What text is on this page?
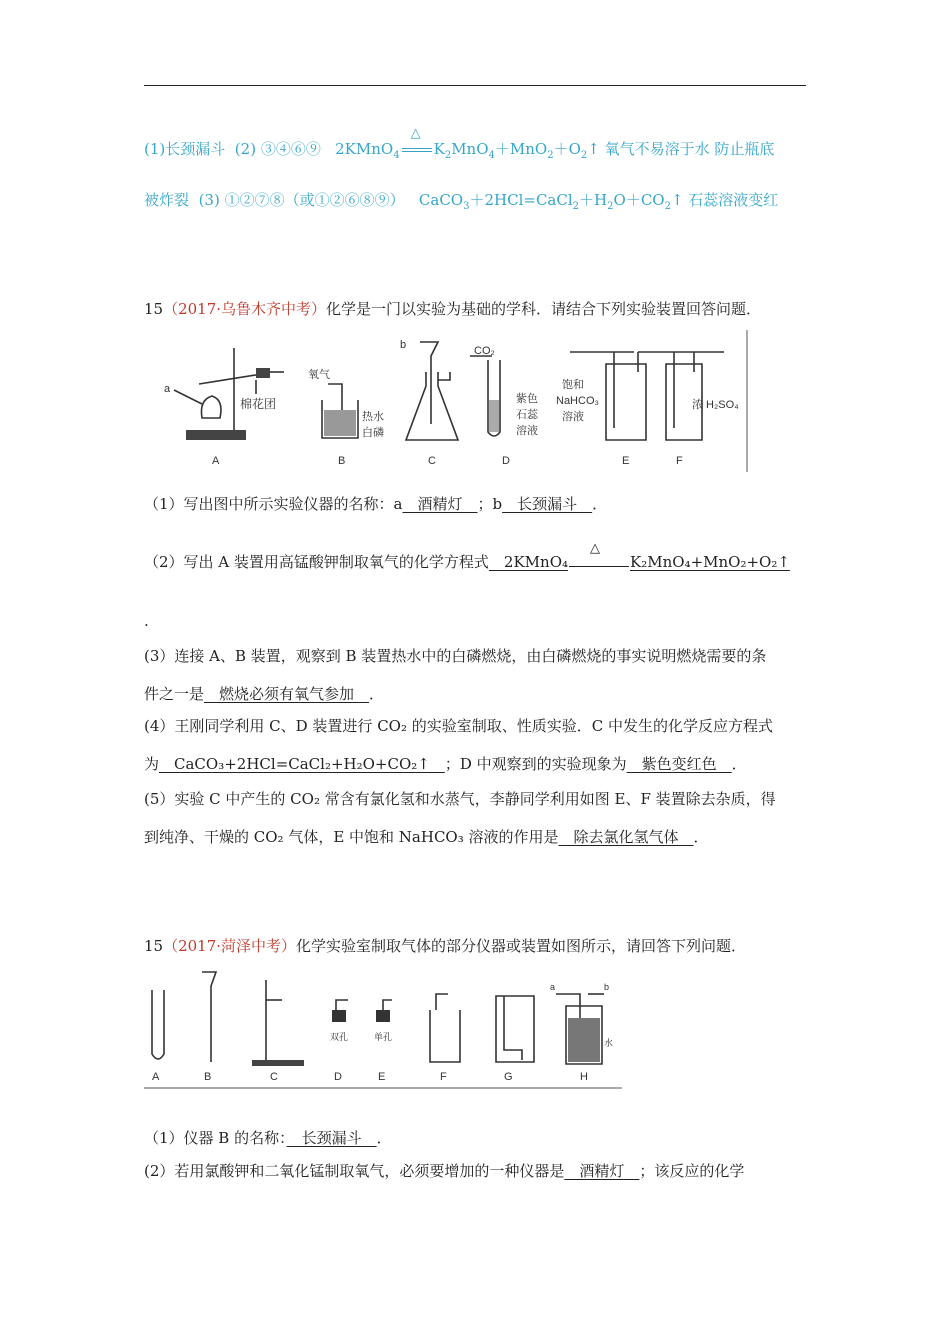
(1)长颈漏斗 (2) ③④⑥⑨ 2KMnO$_4$
△
$K_2MnO_4+MnO_2+O_2↑$ 氧气不易溶于水 防止瓶底
被炸裂 (3) ①②⑦⑧（或①②⑥⑧⑨） $CaCO_3+2HCl=CaCl_2+H_2O+CO_2↑$ 石蕊溶液变红
15（2017·乌鲁木齐中考）化学是一门以实验为基础的学科．请结合下列实验装置回答问题．
a
棉花团
A
氧气
热水
白磷
B
b
C
CO₂
紫色
石蕊
溶液
D
饱和
NaHCO₃
溶液
E
浓 H₂SO₄
F
（1）写出图中所示实验仪器的名称：a　酒精灯　；b　长颈漏斗　．
（2）写出 A 装置用高锰酸钾制取氧气的化学方程式　2KMnO₄
△
K₂MnO₄+MnO₂+O₂↑
.
(3）连接 A、B 装置，观察到 B 装置热水中的白磷燃烧，由白磷燃烧的事实说明燃烧需要的条
件之一是　燃烧必须有氧气参加　．
(4）王刚同学利用 C、D 装置进行 CO₂ 的实验室制取、性质实验．C 中发生的化学反应方程式
为　CaCO₃+2HCl=CaCl₂+H₂O+CO₂↑　；D 中观察到的实验现象为　紫色变红色　．
(5）实验 C 中产生的 CO₂ 常含有氯化氢和水蒸气，李静同学利用如图 E、F 装置除去杂质，得
到纯净、干燥的 CO₂ 气体，E 中饱和 NaHCO₃ 溶液的作用是　除去氯化氢气体　．
15（2017·菏泽中考）化学实验室制取气体的部分仪器或装置如图所示，请回答下列问题．
A	B	C
双孔
D
单孔
E	F	G
a	b
水
H
（1）仪器 B 的名称：　长颈漏斗　．
(2）若用氯酸钾和二氧化锰制取氧气，必须要增加的一种仪器是　酒精灯　；该反应的化学
